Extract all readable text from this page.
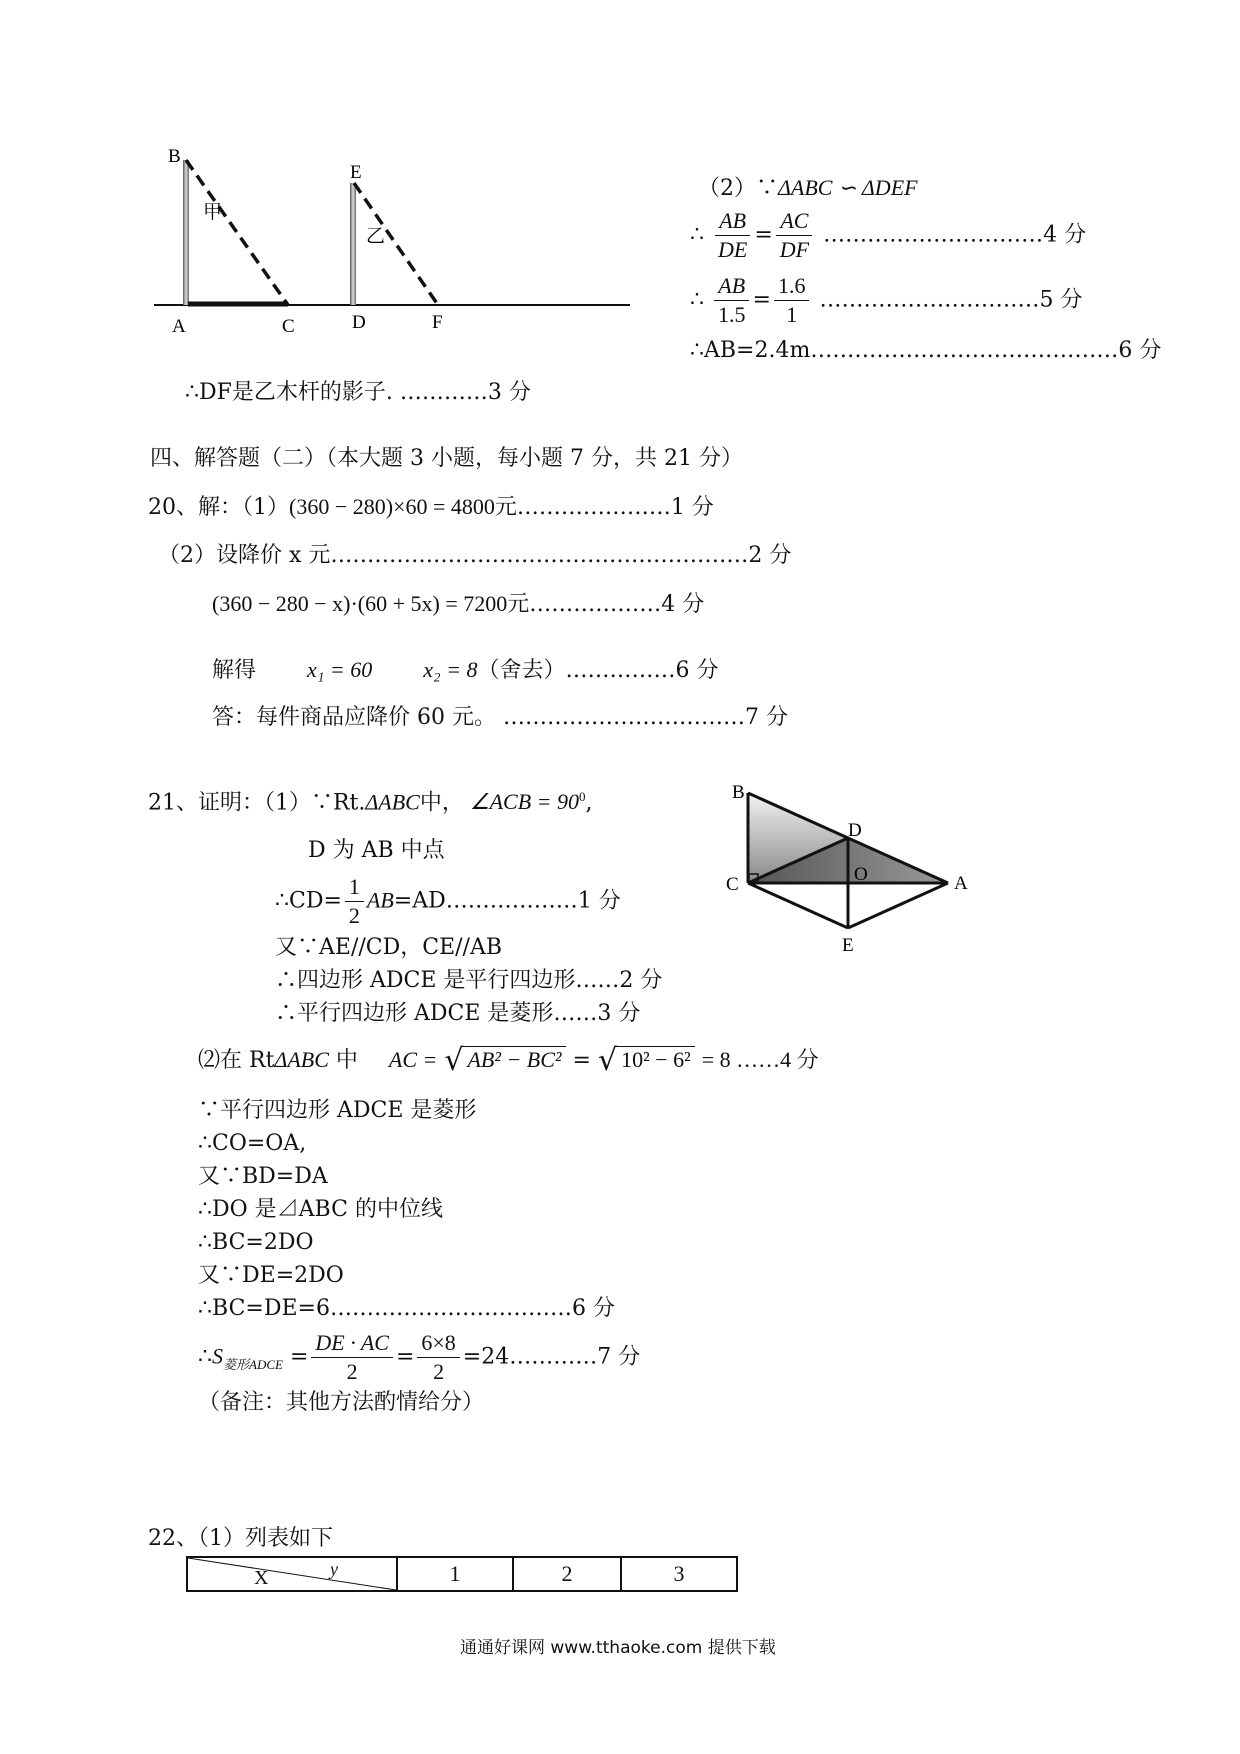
B
E
A	C	D	F
甲
乙
（2）∵ΔABC ∽ ΔDEF
∴ $\frac{AB}{DE} = \frac{AC}{DF}$ …………………………4 分
∴ $\frac{AB}{1.5} = \frac{1.6}{1}$ …………………………5 分
∴AB=2.4m……………………………………6 分
∴DF是乙木杆的影子. …………3 分
四、解答题（二）（本大题 3 小题，每小题 7 分，共 21 分）
20、解：（1）(360 − 280)×60 = 4800元…………………1 分
（2）设降价 x 元…………………………………………………2 分
(360 − 280 − x)·(60 + 5x) = 7200元………………4 分
解得 x₁ = 60 x₂ = 8（舍去）……………6 分
答：每件商品应降价 60 元。 ……………………………7 分
21、证明：（1）∵Rt.ΔABC中， ∠ACB = $90^0$,
D 为 AB 中点
∴CD= $\frac{1}{2}$ AB=AD………………1 分
又∵AE//CD，CE//AB
∴四边形 ADCE 是平行四边形……2 分
∴平行四边形 ADCE 是菱形……3 分
⑵在 RtΔABC 中 AC = √ AB² − BC² = √ 10² − 6² = 8 ……4 分
∵平行四边形 ADCE 是菱形
∴CO=OA,
又∵BD=DA
∴DO 是⊿ABC 的中位线
∴BC=2DO
又∵DE=2DO
∴BC=DE=6……………………………6 分
$\therefore S_{菱形ADCE} = \frac{DE \cdot AC}{2} = \frac{6\times 8}{2}$ =24…………7 分
（备注：其他方法酌情给分）
B
D
C	O	A
E
22、（1）列表如下
y
X	1	2	3
通通好课网 www.tthaoke.com 提供下载
